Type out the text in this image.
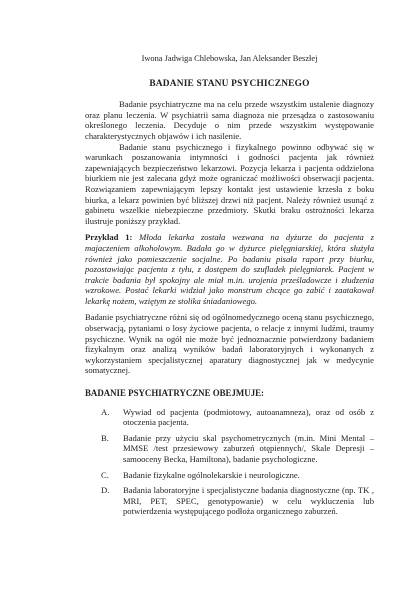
Iwona Jadwiga Chlebowska, Jan Aleksander Beszłej
BADANIE STANU PSYCHICZNEGO

Badanie psychiatryczne ma na celu przede wszystkim ustalenie diagnozy oraz planu leczenia. W psychiatrii sama diagnoza nie przesądza o zastosowaniu określonego leczenia. Decyduje o nim przede wszystkim występowanie charakterystycznych objawów i ich nasilenie.

Badanie stanu psychicznego i fizykalnego powinno odbywać się w warunkach poszanowania intymności i godności pacjenta jak również zapewniających bezpieczeństwo lekarzowi. Pozycja lekarza i pacjenta oddzielona biurkiem nie jest zalecana gdyż może ograniczać możliwości obserwacji pacjenta. Rozwiązaniem zapewniającym lepszy kontakt jest ustawienie krzesła z boku biurka, a lekarz powinien być bliższej drzwi niż pacjent. Należy również usunąć z gabinetu wszelkie niebezpieczne przedmioty. Skutki braku ostrożności lekarza ilustruje poniższy przykład.

Przykład 1: Młoda lekarka została wezwana na dyżurze do pacjenta z majaczeniem alkoholowym. Badała go w dyżurce pielęgniarskiej, która służyła również jako pomieszczenie socjalne. Po badaniu pisała raport przy biurku, pozostawiając pacjenta z tyłu, z dostępem do szufladek pielęgniarek. Pacjent w trakcie badania był spokojny ale miał m.in. urojenia prześladowcze i złudzenia wzrokowe. Postać lekarki widział jako monstrum chcące go zabić i zaatakował lekarkę nożem, wziętym ze stolika śniadaniowego.

Badanie psychiatryczne różni się od ogólnomedycznego oceną stanu psychicznego, obserwacją, pytaniami o losy życiowe pacjenta, o relacje z innymi ludźmi, traumy psychiczne. Wynik na ogół nie może być jednoznacznie potwierdzony badaniem fizykalnym oraz analizą wyników badań laboratoryjnych i wykonanych z wykorzystaniem specjalistycznej aparatury diagnostycznej jak w medycynie somatycznej.

BADANIE PSYCHIATRYCZNE OBEJMUJE:
A.	Wywiad od pacjenta (podmiotowy, autoanamneza), oraz od osób z otoczenia pacjenta.
B.	Badanie przy użyciu skal psychometrycznych (m.in. Mini Mental – MMSE /test przesiewowy zaburzeń otępiennych/, Skale Depresji – samooceny Becka, Hamiltona), badanie psychologiczne.
C.	Badanie fizykalne ogólnolekarskie i neurologiczne.
D.	Badania laboratoryjne i specjalistyczne badania diagnostyczne (np. TK , MRI, PET, SPEC, genotypowanie) w celu wykluczenia lub potwierdzenia występującego podłoża organicznego zaburzeń.
